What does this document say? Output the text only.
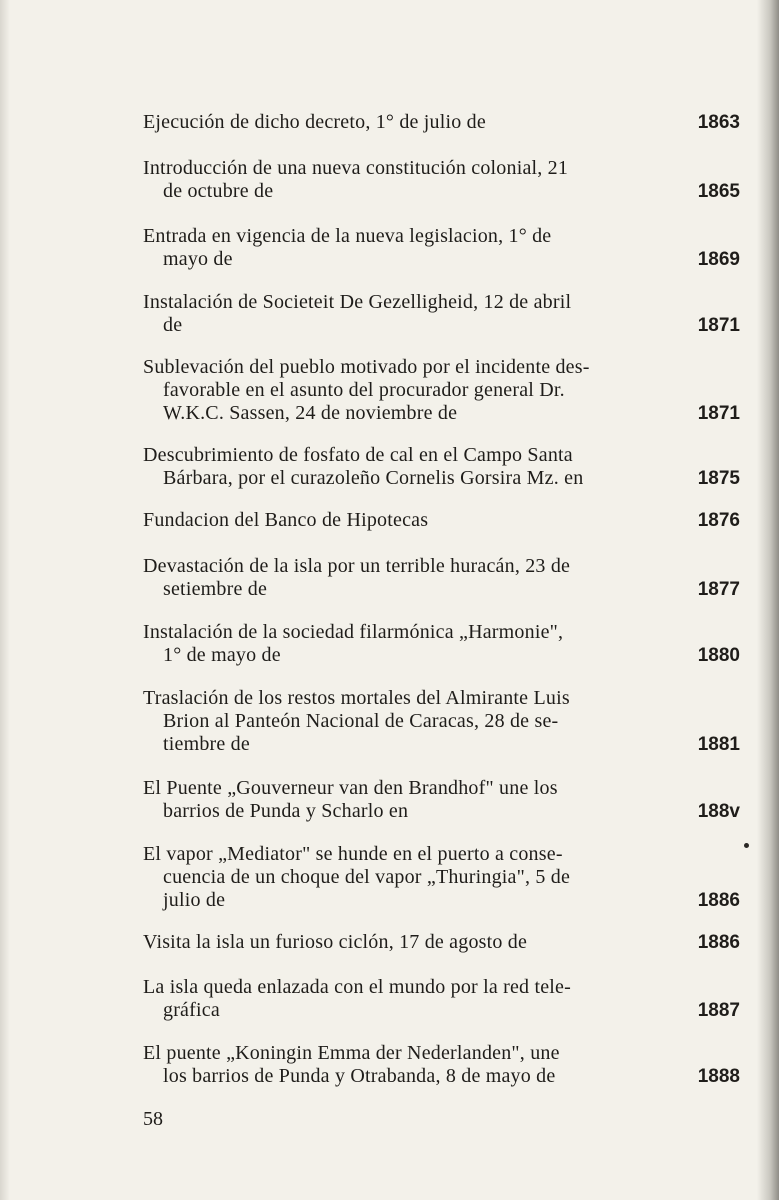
Ejecución de dicho decreto, 1° de julio de	1863
Introducción de una nueva constitución colonial, 21
de octubre de	1865
Entrada en vigencia de la nueva legislacion, 1° de
mayo de	1869
Instalación de Societeit De Gezelligheid, 12 de abril
de	1871
Sublevación del pueblo motivado por el incidente des-
favorable en el asunto del procurador general Dr.
W.K.C. Sassen, 24 de noviembre de	1871
Descubrimiento de fosfato de cal en el Campo Santa
Bárbara, por el curazoleño Cornelis Gorsira Mz. en	1875
Fundacion del Banco de Hipotecas	1876
Devastación de la isla por un terrible huracán, 23 de
setiembre de	1877
Instalación de la sociedad filarmónica „Harmonie",
1° de mayo de	1880
Traslación de los restos mortales del Almirante Luis
Brion al Panteón Nacional de Caracas, 28 de se-
tiembre de	1881
El Puente „Gouverneur van den Brandhof" une los
barrios de Punda y Scharlo en	188v
El vapor „Mediator" se hunde en el puerto a conse-
cuencia de un choque del vapor „Thuringia", 5 de
julio de	1886
Visita la isla un furioso ciclón, 17 de agosto de	1886
La isla queda enlazada con el mundo por la red tele-
gráfica	1887
El puente „Koningin Emma der Nederlanden", une
los barrios de Punda y Otrabanda, 8 de mayo de	1888
58
